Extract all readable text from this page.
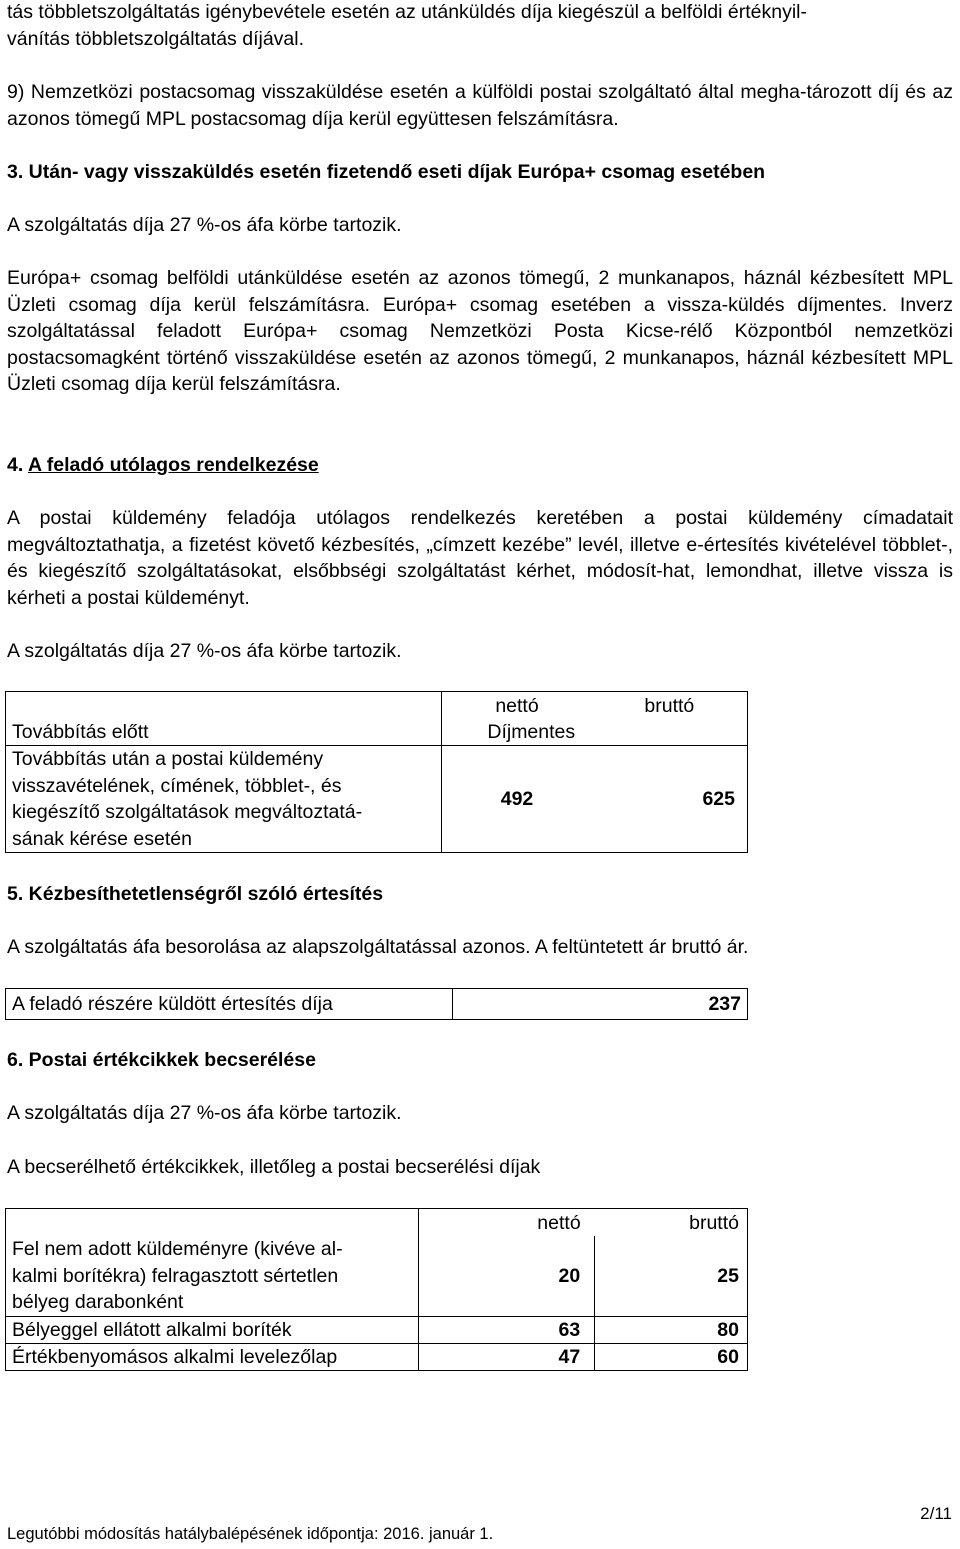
tás többletszolgáltatás igénybevétele esetén az utánküldés díja kiegészül a belföldi értéknyil-

vánítás többletszolgáltatás díjával.

9) Nemzetközi postacsomag visszaküldése esetén a külföldi postai szolgáltató által megha-tározott díj és az azonos tömegű MPL postacsomag díja kerül együttesen felszámításra.

3. Után- vagy visszaküldés esetén fizetendő eseti díjak Európa+ csomag esetében

A szolgáltatás díja 27 %-os áfa körbe tartozik.

Európa+ csomag belföldi utánküldése esetén az azonos tömegű, 2 munkanapos, háznál kézbesített MPL Üzleti csomag díja kerül felszámításra. Európa+ csomag esetében a vissza-küldés díjmentes. Inverz szolgáltatással feladott Európa+ csomag Nemzetközi Posta Kicse-rélő Központból nemzetközi postacsomagként történő visszaküldése esetén az azonos tömegű, 2 munkanapos, háznál kézbesített MPL Üzleti csomag díja kerül felszámításra.

4. A feladó utólagos rendelkezése

A postai küldemény feladója utólagos rendelkezés keretében a postai küldemény címadatait megváltoztathatja, a fizetést követő kézbesítés, „címzett kezébe” levél, illetve e-értesítés kivételével többlet-, és kiegészítő szolgáltatásokat, elsőbbségi szolgáltatást kérhet, módosít-hat, lemondhat, illetve vissza is kérheti a postai küldeményt.

A szolgáltatás díja 27 %-os áfa körbe tartozik.

	nettó	bruttó
Továbbítás előtt	Díjmentes	

Továbbítás után a postai küldemény
visszavételének, címének, többlet-, és
kiegészítő szolgáltatások megváltoztatá-
sának kérése esetén	492	625

5. Kézbesíthetetlenségről szóló értesítés

A szolgáltatás áfa besorolása az alapszolgáltatással azonos. A feltüntetett ár bruttó ár.

A feladó részére küldött értesítés díja	237

6. Postai értékcikkek becserélése

A szolgáltatás díja 27 %-os áfa körbe tartozik.

A becserélhető értékcikkek, illetőleg a postai becserélési díjak

	nettó	bruttó

Fel nem adott küldeményre (kivéve al-
kalmi borítékra) felragasztott sértetlen
bélyeg darabonként	20	25
Bélyeggel ellátott alkalmi boríték	63	80
Értékbenyomásos alkalmi levelezőlap	47	60
2/11
Legutóbbi módosítás hatálybalépésének időpontja: 2016. január 1.
